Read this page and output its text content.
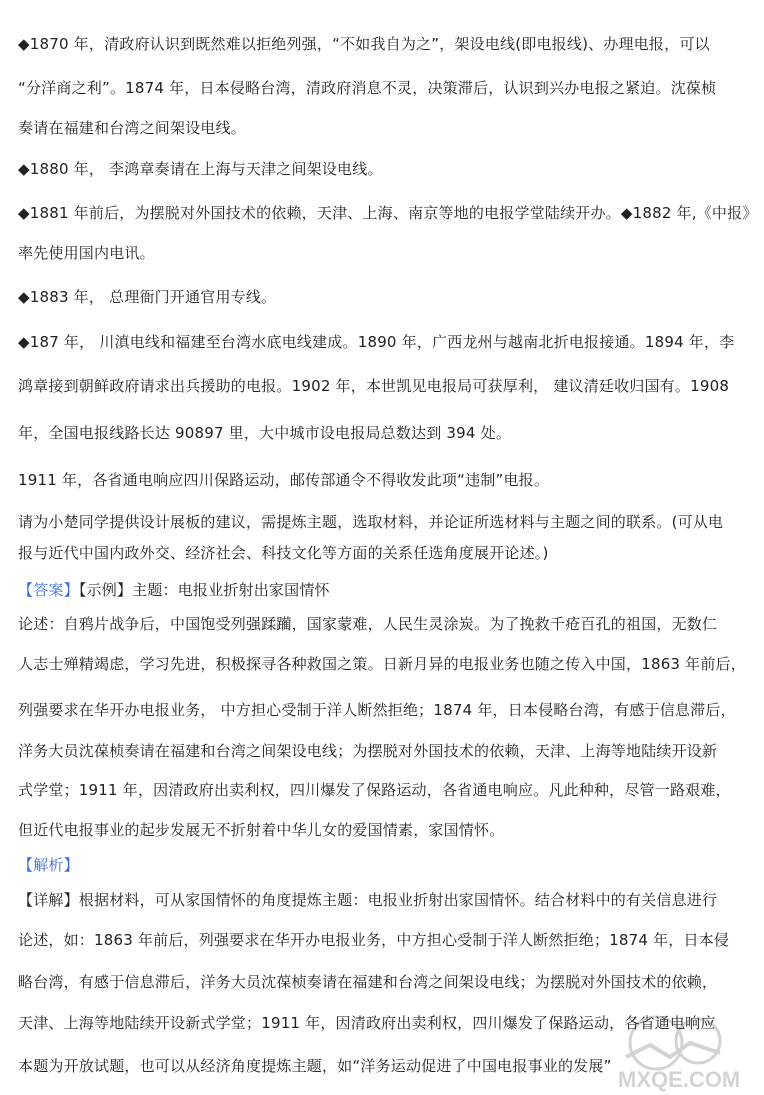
◆1870 年，清政府认识到既然难以拒绝列强，“不如我自为之”，架设电线(即电报线)、办理电报，可以
“分洋商之利”。1874 年，日本侵略台湾，清政府消息不灵，决策滞后，认识到兴办电报之紧迫。沈葆桢
奏请在福建和台湾之间架设电线。
◆1880 年， 李鸿章奏请在上海与天津之间架设电线。
◆1881 年前后，为摆脱对外国技术的依赖，天津、上海、南京等地的电报学堂陆续开办。◆1882 年,《中报》
率先使用国内电讯。
◆1883 年， 总理衙门开通官用专线。
◆187 年， 川滇电线和福建至台湾水底电线建成。1890 年，广西龙州与越南北折电报接通。1894 年，李
鸿章接到朝鲜政府请求出兵援助的电报。1902 年，本世凯见电报局可获厚利， 建议清廷收归国有。1908
年，全国电报线路长达 90897 里，大中城市设电报局总数达到 394 处。
1911 年，各省通电响应四川保路运动，邮传部通令不得收发此项“违制”电报。
请为小楚同学提供设计展板的建议，需提炼主题，选取材料，并论证所选材料与主题之间的联系。(可从电
报与近代中国内政外交、经济社会、科技文化等方面的关系任选角度展开论述。)
【答案】【示例】主题：电报业折射出家国情怀
论述：自鸦片战争后，中国饱受列强蹂躏，国家蒙难，人民生灵涂炭。为了挽救千疮百孔的祖国，无数仁
人志士殚精竭虑，学习先进，积极探寻各种救国之策。日新月异的电报业务也随之传入中国，1863 年前后，
列强要求在华开办电报业务， 中方担心受制于洋人断然拒绝；1874 年，日本侵略台湾，有感于信息滞后，
洋务大员沈葆桢奏请在福建和台湾之间架设电线；为摆脱对外国技术的依赖，天津、上海等地陆续开设新
式学堂；1911 年，因清政府出卖利权，四川爆发了保路运动，各省通电响应。凡此种种，尽管一路艰难，
但近代电报事业的起步发展无不折射着中华儿女的爱国情素，家国情怀。
【解析】
【详解】根据材料，可从家国情怀的角度提炼主题：电报业折射出家国情怀。结合材料中的有关信息进行
论述，如：1863 年前后，列强要求在华开办电报业务，中方担心受制于洋人断然拒绝；1874 年，日本侵
略台湾，有感于信息滞后，洋务大员沈葆桢奏请在福建和台湾之间架设电线；为摆脱对外国技术的依赖，
天津、上海等地陆续开设新式学堂；1911 年，因清政府出卖利权，四川爆发了保路运动，各省通电响应
本题为开放试题，也可以从经济角度提炼主题，如“洋务运动促进了中国电报事业的发展”
MXQE.COM
